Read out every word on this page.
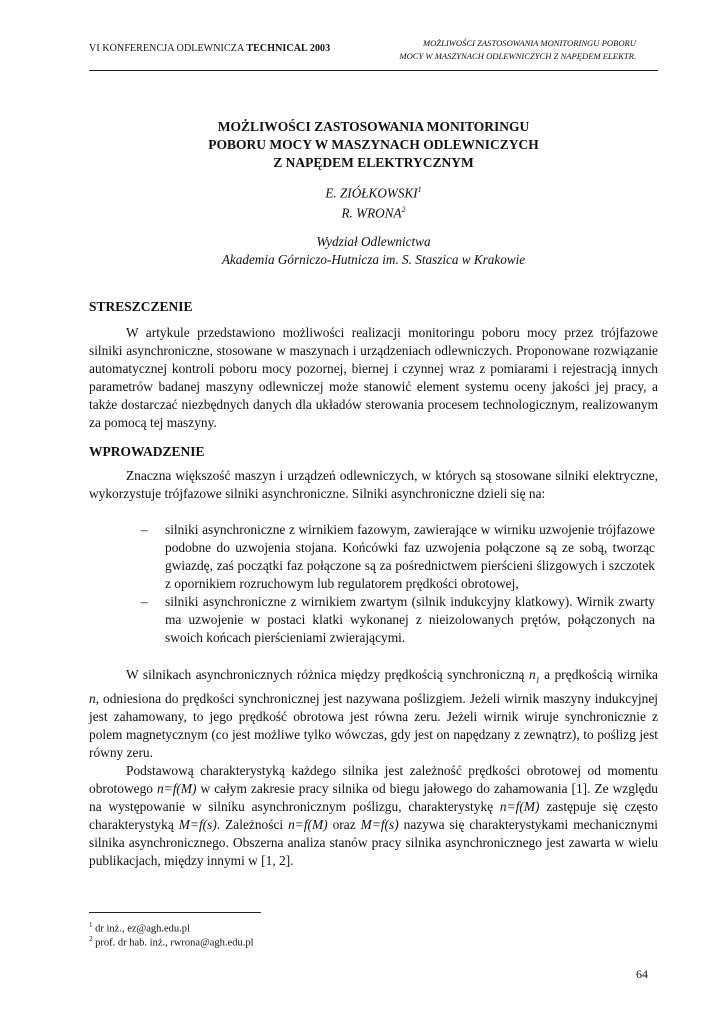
VI KONFERENCJA ODLEWNICZA TECHNICAL 2003	MOŻLIWOŚCI ZASTOSOWANIA MONITORINGU POBORU
MOCY W MASZYNACH ODLEWNICZYCH Z NAPĘDEM ELEKTR.
MOŻLIWOŚCI ZASTOSOWANIA MONITORINGU
POBORU MOCY W MASZYNACH ODLEWNICZYCH
Z NAPĘDEM ELEKTRYCZNYM
E. ZIÓŁKOWSKI$^1$
R. WRONA$^2$
Wydział Odlewnictwa
Akademia Górniczo-Hutnicza im. S. Staszica w Krakowie
STRESZCZENIE

W artykule przedstawiono możliwości realizacji monitoringu poboru mocy przez trójfazowe silniki asynchroniczne, stosowane w maszynach i urządzeniach odlewniczych. Proponowane rozwiązanie automatycznej kontroli poboru mocy pozornej, biernej i czynnej wraz z pomiarami i rejestracją innych parametrów badanej maszyny odlewniczej może stanowić element systemu oceny jakości jej pracy, a także dostarczać niezbędnych danych dla układów sterowania procesem technologicznym, realizowanym za pomocą tej maszyny.

WPROWADZENIE

Znaczna większość maszyn i urządzeń odlewniczych, w których są stosowane silniki elektryczne, wykorzystuje trójfazowe silniki asynchroniczne. Silniki asynchroniczne dzieli się na:

– silniki asynchroniczne z wirnikiem fazowym, zawierające w wirniku uzwojenie trójfazowe podobne do uzwojenia stojana. Końcówki faz uzwojenia połączone są ze sobą, tworząc gwiazdę, zaś początki faz połączone są za pośrednictwem pierścieni ślizgowych i szczotek z opornikiem rozruchowym lub regulatorem prędkości obrotowej,
– silniki asynchroniczne z wirnikiem zwartym (silnik indukcyjny klatkowy). Wirnik zwarty ma uzwojenie w postaci klatki wykonanej z nieizolowanych prętów, połączonych na swoich końcach pierścieniami zwierającymi.

W silnikach asynchronicznych różnica między prędkością synchroniczną $n_1$ a prędkością wirnika n, odniesiona do prędkości synchronicznej jest nazywana poślizgiem. Jeżeli wirnik maszyny indukcyjnej jest zahamowany, to jego prędkość obrotowa jest równa zeru. Jeżeli wirnik wiruje synchronicznie z polem magnetycznym (co jest możliwe tylko wówczas, gdy jest on napędzany z zewnątrz), to poślizg jest równy zeru.

Podstawową charakterystyką każdego silnika jest zależność prędkości obrotowej od momentu obrotowego n=f(M) w całym zakresie pracy silnika od biegu jałowego do zahamowania [1]. Ze względu na występowanie w silniku asynchronicznym poślizgu, charakterystykę n=f(M) zastępuje się często charakterystyką M=f(s). Zależności n=f(M) oraz M=f(s) nazywa się charakterystykami mechanicznymi silnika asynchronicznego. Obszerna analiza stanów pracy silnika asynchronicznego jest zawarta w wielu publikacjach, między innymi w [1, 2].

$^1$ dr inż., ez@agh.edu.pl
$^2$ prof. dr hab. inż., rwrona@agh.edu.pl
64
